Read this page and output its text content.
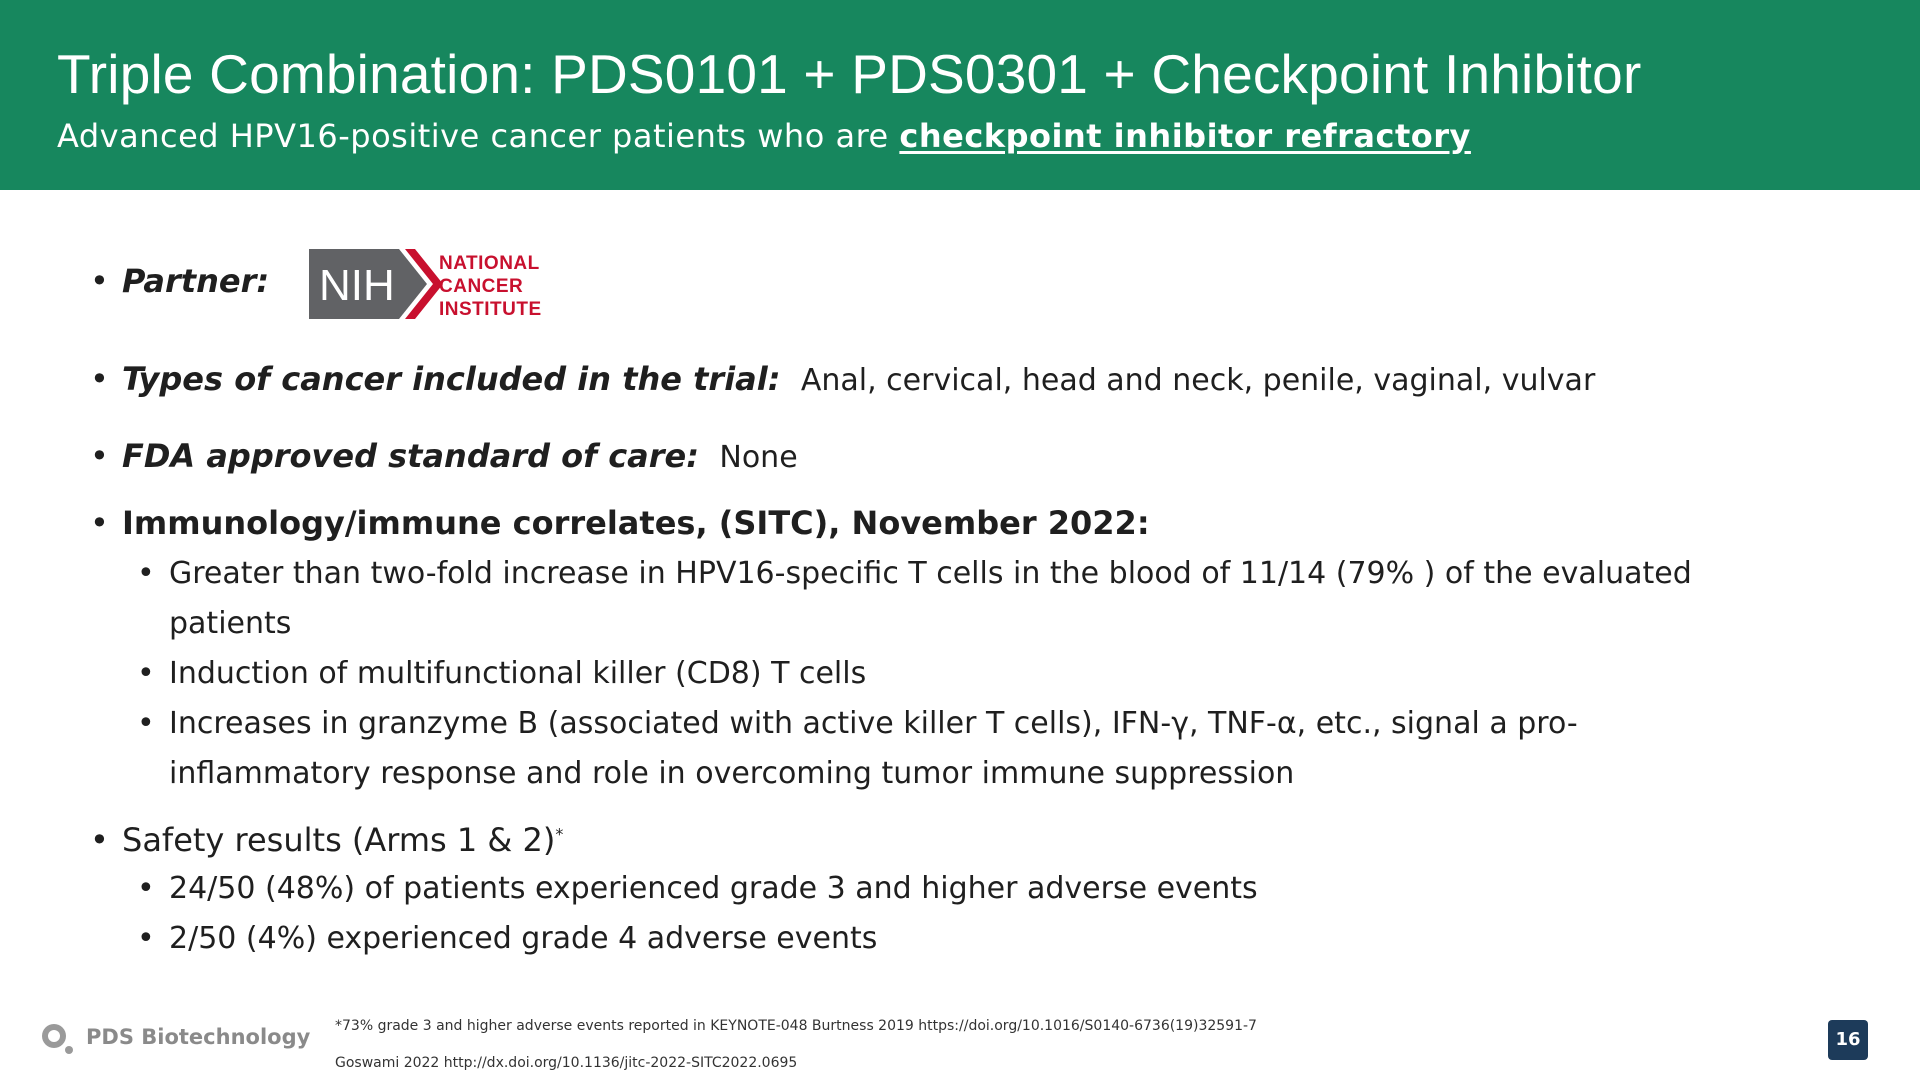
Triple Combination: PDS0101 + PDS0301 + Checkpoint Inhibitor
Advanced HPV16-positive cancer patients who are checkpoint inhibitor refractory
• Partner: NIH NATIONAL
CANCER
INSTITUTE
• Types of cancer included in the trial: Anal, cervical, head and neck, penile, vaginal, vulvar
• FDA approved standard of care: None
• Immunology/immune correlates, (SITC), November 2022:
• Greater than two-fold increase in HPV16-specific T cells in the blood of 11/14 (79% ) of the evaluated
patients
• Induction of multifunctional killer (CD8) T cells
• Increases in granzyme B (associated with active killer T cells), IFN-γ, TNF-α, etc., signal a pro-
inflammatory response and role in overcoming tumor immune suppression
• Safety results (Arms 1 & 2)*
• 24/50 (48%) of patients experienced grade 3 and higher adverse events
• 2/50 (4%) experienced grade 4 adverse events
PDS Biotechnology *73% grade 3 and higher adverse events reported in KEYNOTE-048 Burtness 2019 https://doi.org/10.1016/S0140-6736(19)32591-7
Goswami 2022 http://dx.doi.org/10.1136/jitc-2022-SITC2022.0695
16
